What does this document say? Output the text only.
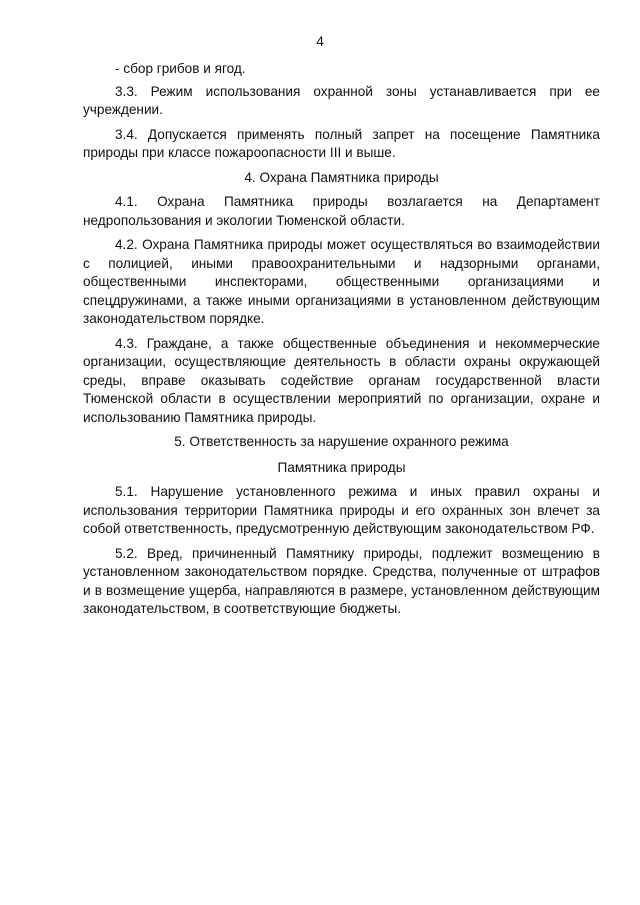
4

- сбор грибов и ягод.

3.3. Режим использования охранной зоны устанавливается при ее учреждении.

3.4. Допускается применять полный запрет на посещение Памятника природы при классе пожароопасности III и выше.

4. Охрана Памятника природы

4.1. Охрана Памятника природы возлагается на Департамент недропользования и экологии Тюменской области.

4.2. Охрана Памятника природы может осуществляться во взаимодействии с полицией, иными правоохранительными и надзорными органами, общественными инспекторами, общественными организациями и спецдружинами, а также иными организациями в установленном действующим законодательством порядке.

4.3. Граждане, а также общественные объединения и некоммерческие организации, осуществляющие деятельность в области охраны окружающей среды, вправе оказывать содействие органам государственной власти Тюменской области в осуществлении мероприятий по организации, охране и использованию Памятника природы.

5. Ответственность за нарушение охранного режима

Памятника природы

5.1. Нарушение установленного режима и иных правил охраны и использования территории Памятника природы и его охранных зон влечет за собой ответственность, предусмотренную действующим законодательством РФ.

5.2. Вред, причиненный Памятнику природы, подлежит возмещению в установленном законодательством порядке. Средства, полученные от штрафов и в возмещение ущерба, направляются в размере, установленном действующим законодательством, в соответствующие бюджеты.
